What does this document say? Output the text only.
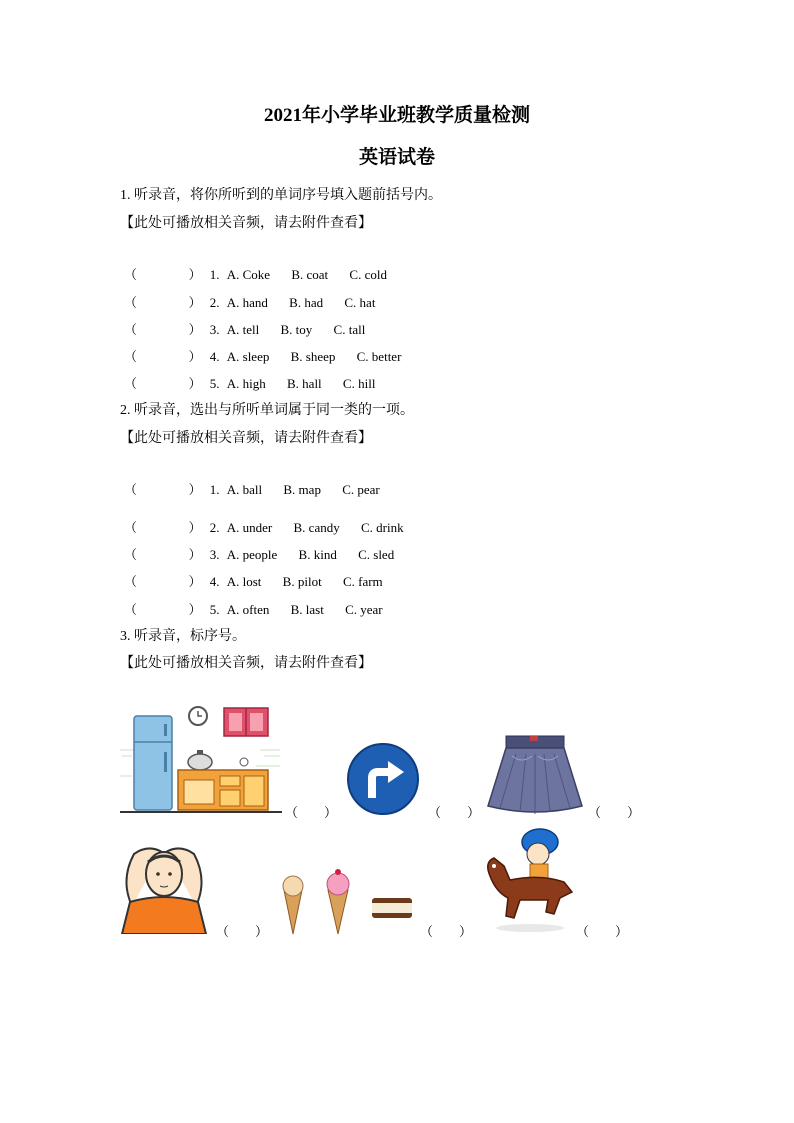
2021年小学毕业班教学质量检测
英语试卷
1. 听录音，将你所听到的单词序号填入题前括号内。
【此处可播放相关音频，请去附件查看】
（	） 1. A. Coke B. coat C. cold
（	） 2. A. hand B. had C. hat
（	） 3. A. tell B. toy C. tall
（	） 4. A. sleep B. sheep C. better
（	） 5. A. high B. hall C. hill
2. 听录音，选出与所听单词属于同一类的一项。
【此处可播放相关音频，请去附件查看】
（	） 1. A. ball B. map C. pear
（	） 2. A. under B. candy C. drink
（	） 3. A. people B. kind C. sled
（	） 4. A. lost B. pilot C. farm
（	） 5. A. often B. last C. year
3. 听录音，标序号。
【此处可播放相关音频，请去附件查看】
（　　）	（　　）	（　　）
（　　）	（　　）	（　　）
